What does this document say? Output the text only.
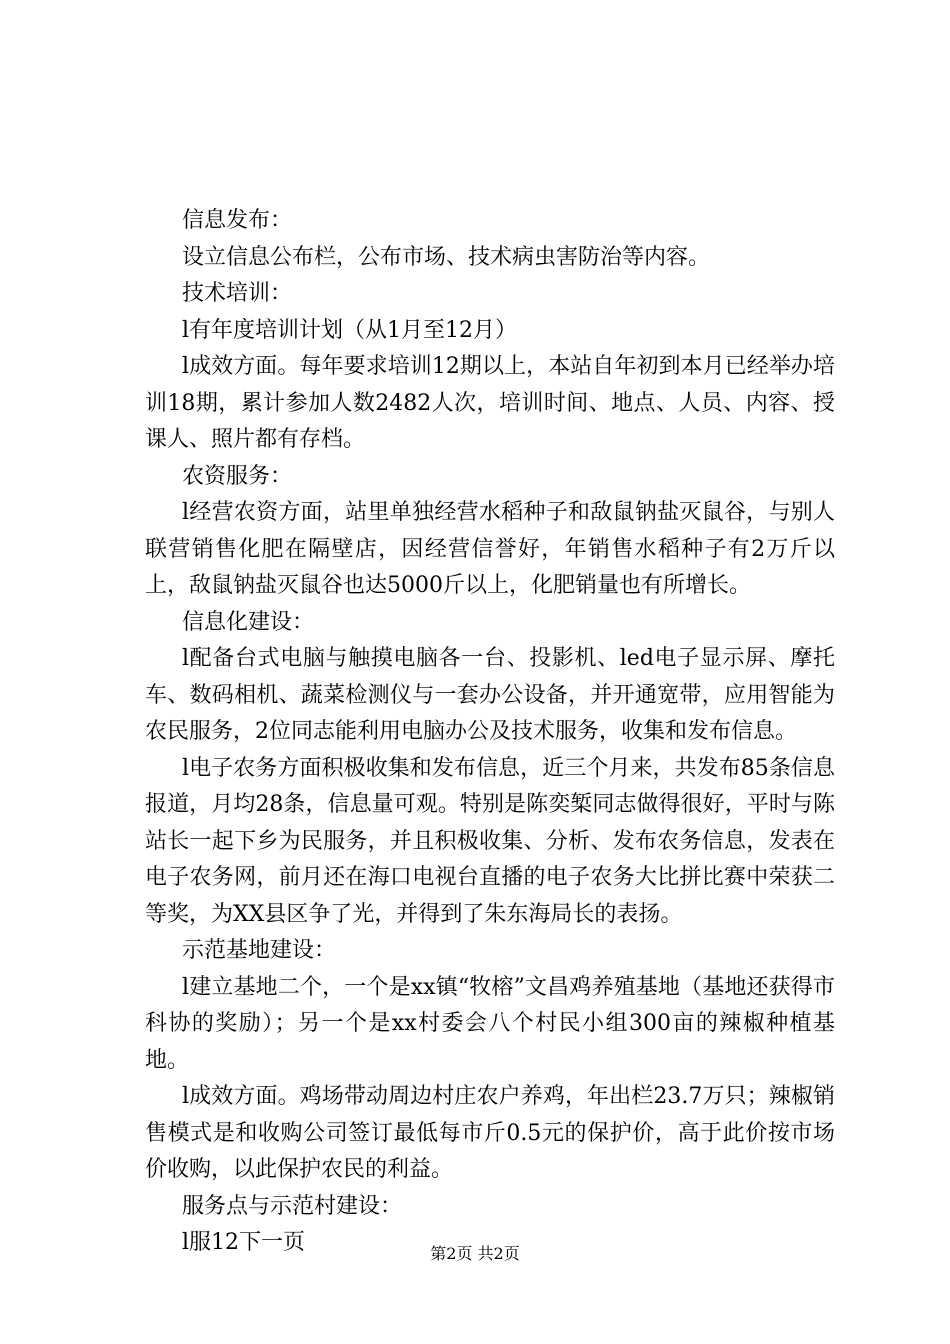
信息发布：

设立信息公布栏，公布市场、技术病虫害防治等内容。

技术培训：

l有年度培训计划（从1月至12月）

l成效方面。每年要求培训12期以上，本站自年初到本月已经举办培训18期，累计参加人数2482人次，培训时间、地点、人员、内容、授课人、照片都有存档。

农资服务：

l经营农资方面，站里单独经营水稻种子和敌鼠钠盐灭鼠谷，与别人联营销售化肥在隔壁店，因经营信誉好，年销售水稻种子有2万斤以上，敌鼠钠盐灭鼠谷也达5000斤以上，化肥销量也有所增长。

信息化建设：

l配备台式电脑与触摸电脑各一台、投影机、led电子显示屏、摩托车、数码相机、蔬菜检测仪与一套办公设备，并开通宽带，应用智能为农民服务，2位同志能利用电脑办公及技术服务，收集和发布信息。

l电子农务方面积极收集和发布信息，近三个月来，共发布85条信息报道，月均28条，信息量可观。特别是陈奕椠同志做得很好，平时与陈站长一起下乡为民服务，并且积极收集、分析、发布农务信息，发表在电子农务网，前月还在海口电视台直播的电子农务大比拼比赛中荣获二等奖，为XX县区争了光，并得到了朱东海局长的表扬。

示范基地建设：

l建立基地二个，一个是xx镇“牧榕”文昌鸡养殖基地（基地还获得市科协的奖励）；另一个是xx村委会八个村民小组300亩的辣椒种植基地。

l成效方面。鸡场带动周边村庄农户养鸡，年出栏23.7万只；辣椒销售模式是和收购公司签订最低每市斤0.5元的保护价，高于此价按市场价收购，以此保护农民的利益。

服务点与示范村建设：

l服12下一页	第2页 共2页
